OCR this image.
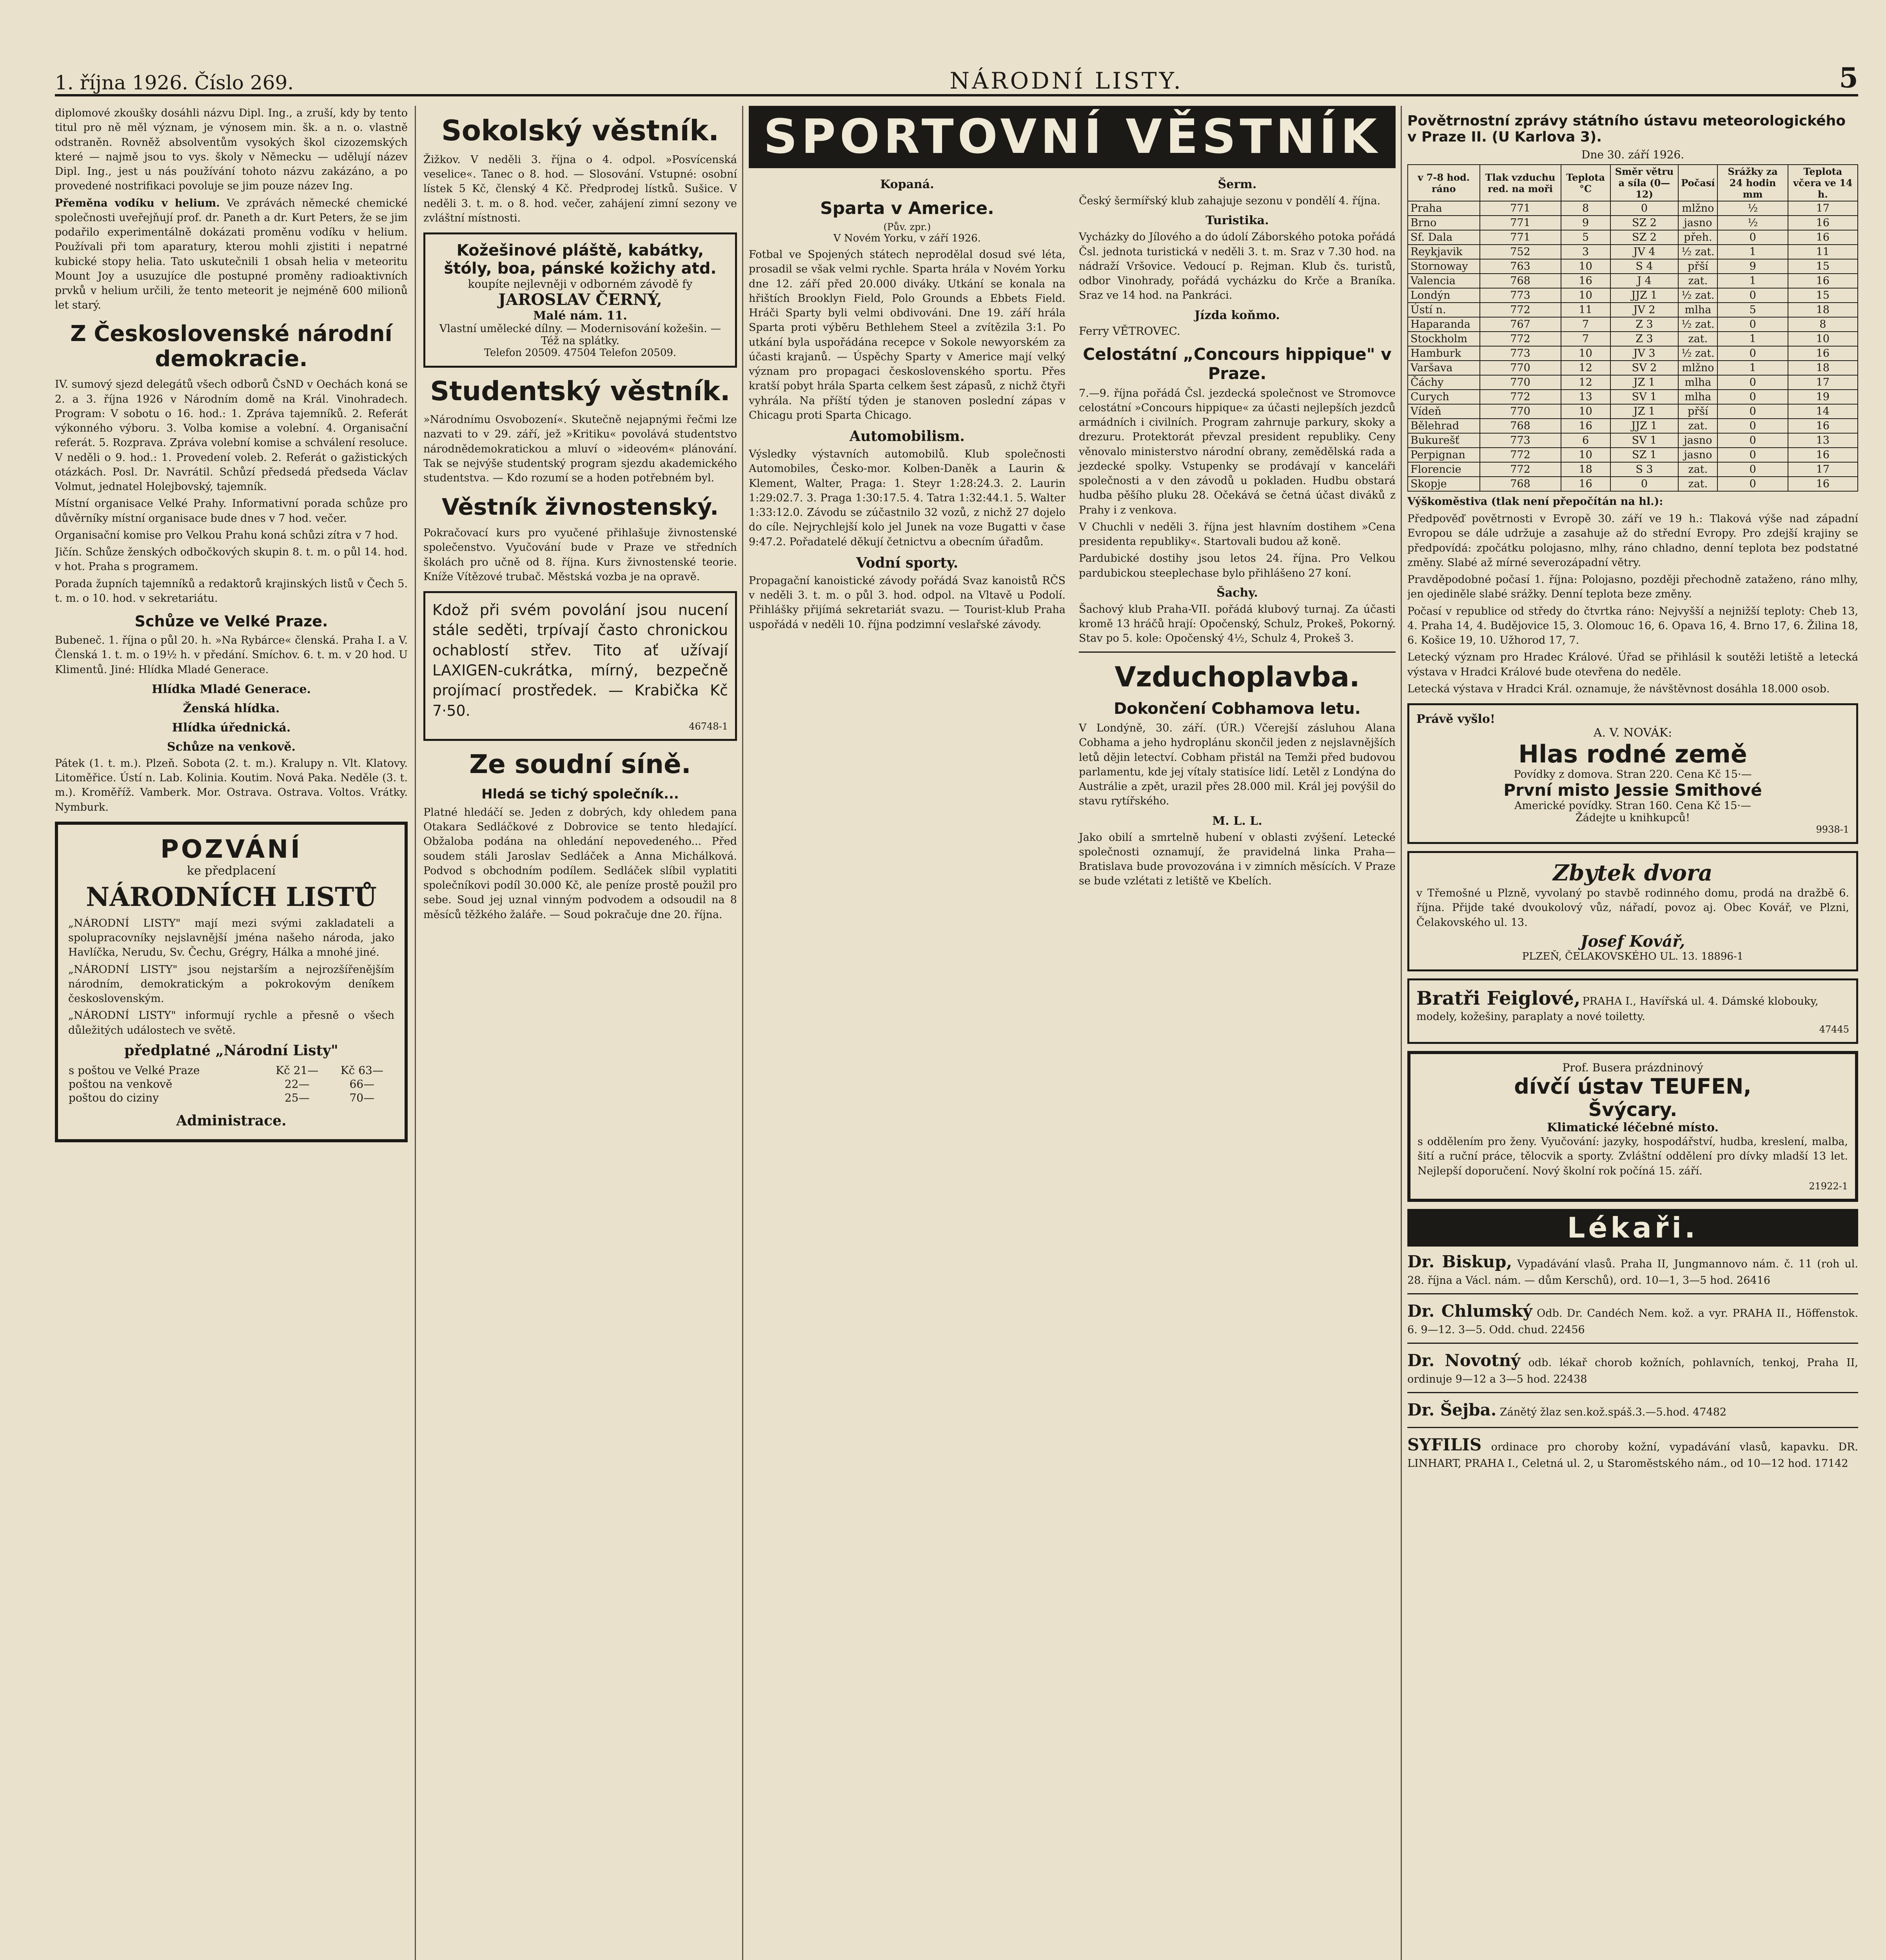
1. října 1926. Číslo 269.	NÁRODNÍ LISTY.	5

diplomové zkoušky dosáhli názvu Dipl. Ing., a zruší, kdy by tento titul pro ně měl význam, je výnosem min. šk. a n. o. vlastně odstraněn. Rovněž absolventům vysokých škol cizozemských které — najmě jsou to vys. školy v Německu — udělují název Dipl. Ing., jest u nás používání tohoto názvu zakázáno, a po provedené nostrifikaci povoluje se jim pouze název Ing.

Přeměna vodíku v helium. Ve zprávách německé chemické společnosti uveřejňují prof. dr. Paneth a dr. Kurt Peters, že se jim podařilo experimentálně dokázati proměnu vodíku v helium. Používali při tom aparatury, kterou mohli zjistiti i nepatrné kubické stopy helia. Tato uskutečnili 1 obsah helia v meteoritu Mount Joy a usuzujíce dle postupné proměny radioaktivních prvků v helium určili, že tento meteorit je nejméně 600 milionů let starý.

Z Československé národní demokracie.

IV. sumový sjezd delegátů všech odborů ČsND v Oechách koná se 2. a 3. října 1926 v Národním domě na Král. Vinohradech. Program: V sobotu o 16. hod.: 1. Zpráva tajemníků. 2. Referát výkonného výboru. 3. Volba komise a volební. 4. Organisační referát. 5. Rozprava. Zpráva volební komise a schválení resoluce. V neděli o 9. hod.: 1. Provedení voleb. 2. Referát o gažistických otázkách. Posl. Dr. Navrátil. Schůzí předsedá předseda Václav Volmut, jednatel Holejbovský, tajemník.

Místní organisace Velké Prahy. Informativní porada schůze pro důvěrníky místní organisace bude dnes v 7 hod. večer.

Organisační komise pro Velkou Prahu koná schůzi zítra v 7 hod.

Jičín. Schůze ženských odbočkových skupin 8. t. m. o půl 14. hod. v hot. Praha s programem.

Porada župních tajemníků a redaktorů krajinských listů v Čech 5. t. m. o 10. hod. v sekretariátu.

Schůze ve Velké Praze.

Bubeneč. 1. října o půl 20. h. »Na Rybárce« členská. Praha I. a V. Členská 1. t. m. o 19½ h. v předání. Smíchov. 6. t. m. v 20 hod. U Klimentů. Jiné: Hlídka Mladé Generace.

Hlídka Mladé Generace.
Ženská hlídka.
Hlídka úřednická.
Schůze na venkově.

Pátek (1. t. m.). Plzeň. Sobota (2. t. m.). Kralupy n. Vlt. Klatovy. Litoměřice. Ústí n. Lab. Kolinia. Koutim. Nová Paka. Neděle (3. t. m.). Kroměříž. Vamberk. Mor. Ostrava. Ostrava. Voltos. Vrátky. Nymburk.

POZVÁNÍ
ke předplacení
NÁRODNÍCH LISTŮ

„NÁRODNÍ LISTY" mají mezi svými zakladateli a spolupracovníky nejslavnější jména našeho národa, jako Havlíčka, Nerudu, Sv. Čechu, Grégry, Hálka a mnohé jiné.

„NÁRODNÍ LISTY" jsou nejstarším a nejrozšířenějším národním, demokratickým a pokrokovým deníkem československým.

„NÁRODNÍ LISTY" informují rychle a přesně o všech důležitých událostech ve světě.

předplatné „Národní Listy"
s poštou ve Velké Praze	Kč 21—	Kč 63—
poštou na venkově	22—	66—
poštou do ciziny	25—	70—
Administrace.
Sokolský věstník.

Žižkov. V neděli 3. října o 4. odpol. »Posvícenská veselice«. Tanec o 8. hod. — Slosování. Vstupné: osobní lístek 5 Kč, členský 4 Kč. Předprodej lístků. Sušice. V neděli 3. t. m. o 8. hod. večer, zahájení zimní sezony ve zvláštní místnosti.

Kožešinové pláště, kabátky, štóly, boa, pánské kožichy atd.
koupíte nejlevněji v odborném závodě fy
JAROSLAV ČERNÝ,
Malé nám. 11.
Vlastní umělecké dílny. — Modernisování kožešin. — Též na splátky.
Telefon 20509. 47504 Telefon 20509.
Studentský věstník.

»Národnímu Osvobození«. Skutečně nejapnými řečmi lze nazvati to v 29. září, jež »Kritiku« povolává studentstvo národnědemokratickou a mluví o »ideovém« plánování. Tak se nejvýše studentský program sjezdu akademického studentstva. — Kdo rozumí se a hoden potřebném byl.

Věstník živnostenský.

Pokračovací kurs pro vyučené přihlašuje živnostenské společenstvo. Vyučování bude v Praze ve středních školách pro učně od 8. října. Kurs živnostenské teorie. Kníže Vítězové trubač. Městská vozba je na opravě.

Kdož při svém povolání jsou nucení stále seděti, trpívají často chronickou ochablostí střev. Tito ať užívají LAXIGEN-cukrátka, mírný, bezpečně projímací prostředek. — Krabička Kč 7·50.
46748-1
Ze soudní síně.
Hledá se tichý společník...

Platné hledáčí se. Jeden z dobrých, kdy ohledem pana Otakara Sedláčkové z Dobrovice se tento hledající. Obžaloba podána na ohledání nepovedeného... Před soudem stáli Jaroslav Sedláček a Anna Michálková. Podvod s obchodním podílem. Sedláček slíbil vyplatiti společníkovi podíl 30.000 Kč, ale peníze prostě použil pro sebe. Soud jej uznal vinným podvodem a odsoudil na 8 měsíců těžkého žaláře. — Soud pokračuje dne 20. října.

SPORTOVNÍ VĚSTNÍK
Kopaná.
Sparta v Americe.
(Pův. zpr.)
V Novém Yorku, v září 1926.

Fotbal ve Spojených státech neprodělal dosud své léta, prosadil se však velmi rychle. Sparta hrála v Novém Yorku dne 12. září před 20.000 diváky. Utkání se konala na hřištích Brooklyn Field, Polo Grounds a Ebbets Field. Hráči Sparty byli velmi obdivováni. Dne 19. září hrála Sparta proti výběru Bethlehem Steel a zvítězila 3:1. Po utkání byla uspořádána recepce v Sokole newyorském za účasti krajanů. — Úspěchy Sparty v Americe mají velký význam pro propagaci československého sportu. Přes kratší pobyt hrála Sparta celkem šest zápasů, z nichž čtyři vyhrála. Na příští týden je stanoven poslední zápas v Chicagu proti Sparta Chicago.

Automobilism.

Výsledky výstavních automobilů. Klub společnosti Automobiles, Česko-mor. Kolben-Daněk a Laurin & Klement, Walter, Praga: 1. Steyr 1:28:24.3. 2. Laurin 1:29:02.7. 3. Praga 1:30:17.5. 4. Tatra 1:32:44.1. 5. Walter 1:33:12.0. Závodu se zúčastnilo 32 vozů, z nichž 27 dojelo do cíle. Nejrychlejší kolo jel Junek na voze Bugatti v čase 9:47.2. Pořadatelé děkují četnictvu a obecním úřadům.

Vodní sporty.

Propagační kanoistické závody pořádá Svaz kanoistů RČS v neděli 3. t. m. o půl 3. hod. odpol. na Vltavě u Podolí. Přihlášky přijímá sekretariát svazu. — Tourist-klub Praha uspořádá v neděli 10. října podzimní veslařské závody.

Šerm.

Český šermířský klub zahajuje sezonu v pondělí 4. října.

Turistika.

Vycházky do Jílového a do údolí Záborského potoka pořádá Čsl. jednota turistická v neděli 3. t. m. Sraz v 7.30 hod. na nádraží Vršovice. Vedoucí p. Rejman. Klub čs. turistů, odbor Vinohrady, pořádá vycházku do Krče a Braníka. Sraz ve 14 hod. na Pankráci.

Jízda koňmo.
Ferry VĚTROVEC.
Celostátní „Concours hippique" v Praze.

7.—9. října pořádá Čsl. jezdecká společnost ve Stromovce celostátní »Concours hippique« za účasti nejlepších jezdců armádních i civilních. Program zahrnuje parkury, skoky a drezuru. Protektorát převzal president republiky. Ceny věnovalo ministerstvo národní obrany, zemědělská rada a jezdecké spolky. Vstupenky se prodávají v kanceláři společnosti a v den závodů u pokladen. Hudbu obstará hudba pěšího pluku 28. Očekává se četná účast diváků z Prahy i z venkova.

V Chuchli v neděli 3. října jest hlavním dostihem »Cena presidenta republiky«. Startovali budou až koně.

Pardubické dostihy jsou letos 24. října. Pro Velkou pardubickou steeplechase bylo přihlášeno 27 koní.

Šachy.

Šachový klub Praha-VII. pořádá klubový turnaj. Za účasti kromě 13 hráčů hrají: Opočenský, Schulz, Prokeš, Pokorný. Stav po 5. kole: Opočenský 4½, Schulz 4, Prokeš 3.

Vzduchoplavba.
Dokončení Cobhamova letu.

V Londýně, 30. září. (ÚR.) Včerejší zásluhou Alana Cobhama a jeho hydroplánu skončil jeden z nejslavnějších letů dějin letectví. Cobham přistál na Temži před budovou parlamentu, kde jej vítaly statisíce lidí. Letěl z Londýna do Austrálie a zpět, urazil přes 28.000 mil. Král jej povýšil do stavu rytířského.

M. L. L.

Jako obilí a smrtelně hubení v oblasti zvýšení. Letecké společnosti oznamují, že pravidelná linka Praha—Bratislava bude provozována i v zimních měsících. V Praze se bude vzlétati z letiště ve Kbelích.

Povětrnostní zprávy státního ústavu meteorologického v Praze II. (U Karlova 3).
Dne 30. září 1926.
v 7-8 hod. ráno	Tlak vzduchu red. na moři	Teplota °C	Směr větru a síla (0—12)	Počasí	Srážky za 24 hodin mm	Teplota včera ve 14 h.
Praha	771	8	0	mlžno	½	17
Brno	771	9	SZ 2	jasno	½	16
Sf. Dala	771	5	SZ 2	přeh.	0	16
Reykjavik	752	3	JV 4	½ zat.	1	11
Stornoway	763	10	S 4	přší	9	15
Valencia	768	16	J 4	zat.	1	16
Londýn	773	10	JJZ 1	½ zat.	0	15
Ústí n.	772	11	JV 2	mlha	5	18
Haparanda	767	7	Z 3	½ zat.	0	8
Stockholm	772	7	Z 3	zat.	1	10
Hamburk	773	10	JV 3	½ zat.	0	16
Varšava	770	12	SV 2	mlžno	1	18
Čáchy	770	12	JZ 1	mlha	0	17
Curych	772	13	SV 1	mlha	0	19
Vídeň	770	10	JZ 1	přší	0	14
Bělehrad	768	16	JJZ 1	zat.	0	16
Bukurešť	773	6	SV 1	jasno	0	13
Perpignan	772	10	SZ 1	jasno	0	16
Florencie	772	18	S 3	zat.	0	17
Skopje	768	16	0	zat.	0	16
Výškoměstiva (tlak není přepočítán na hl.):

Předpověď povětrnosti v Evropě 30. září ve 19 h.: Tlaková výše nad západní Evropou se dále udržuje a zasahuje až do střední Evropy. Pro zdejší krajiny se předpovídá: zpočátku polojasno, mlhy, ráno chladno, denní teplota bez podstatné změny. Slabé až mírné severozápadní větry.

Pravděpodobné počasí 1. října: Polojasno, později přechodně zataženo, ráno mlhy, jen ojediněle slabé srážky. Denní teplota beze změny.

Počasí v republice od středy do čtvrtka ráno: Nejvyšší a nejnižší teploty: Cheb 13, 4. Praha 14, 4. Budějovice 15, 3. Olomouc 16, 6. Opava 16, 4. Brno 17, 6. Žilina 18, 6. Košice 19, 10. Užhorod 17, 7.

Letecký význam pro Hradec Králové. Úřad se přihlásil k soutěži letiště a letecká výstava v Hradci Králové bude otevřena do neděle.

Letecká výstava v Hradci Král. oznamuje, že návštěvnost dosáhla 18.000 osob.

Právě vyšlo!
A. V. NOVÁK:
Hlas rodné země
Povídky z domova. Stran 220. Cena Kč 15·—
První misto Jessie Smithové
Americké povídky. Stran 160. Cena Kč 15·—
Žádejte u knihkupců!
9938-1
Zbytek dvora

v Třemošné u Plzně, vyvolaný po stavbě rodinného domu, prodá na dražbě 6. října. Přijde také dvoukolový vůz, nářadí, povoz aj. Obec Kovář, ve Plzni, Čelakovského ul. 13.

Josef Kovář,
PLZEŇ, ČELAKOVSKÉHO UL. 13. 18896-1
Bratři Feiglové, PRAHA I., Havířská ul. 4. Dámské klobouky, modely, kožešiny, paraplaty a nové toiletty.
47445
Prof. Busera prázdninový
dívčí ústav TEUFEN,
Švýcary.
Klimatické léčebné místo.

s oddělením pro ženy. Vyučování: jazyky, hospodářství, hudba, kreslení, malba, šití a ruční práce, tělocvik a sporty. Zvláštní oddělení pro dívky mladší 13 let. Nejlepší doporučení. Nový školní rok počíná 15. září.

21922-1
Lékaři.

Dr. Biskup, Vypadávání vlasů. Praha II, Jungmannovo nám. č. 11 (roh ul. 28. října a Václ. nám. — dům Kerschů), ord. 10—1, 3—5 hod. 26416

Dr. Chlumský Odb. Dr. Candéch Nem. kož. a vyr. PRAHA II., Höffenstok. 6. 9—12. 3—5. Odd. chud. 22456

Dr. Novotný odb. lékař chorob kožních, pohlavních, tenkoj, Praha II, ordinuje 9—12 a 3—5 hod. 22438

Dr. Šejba. Zánětý žlaz sen.kož.spáš.3.—5.hod. 47482

SYFILIS ordinace pro choroby kožní, vypadávání vlasů, kapavku. DR. LINHART, PRAHA I., Celetná ul. 2, u Staroměstského nám., od 10—12 hod. 17142
